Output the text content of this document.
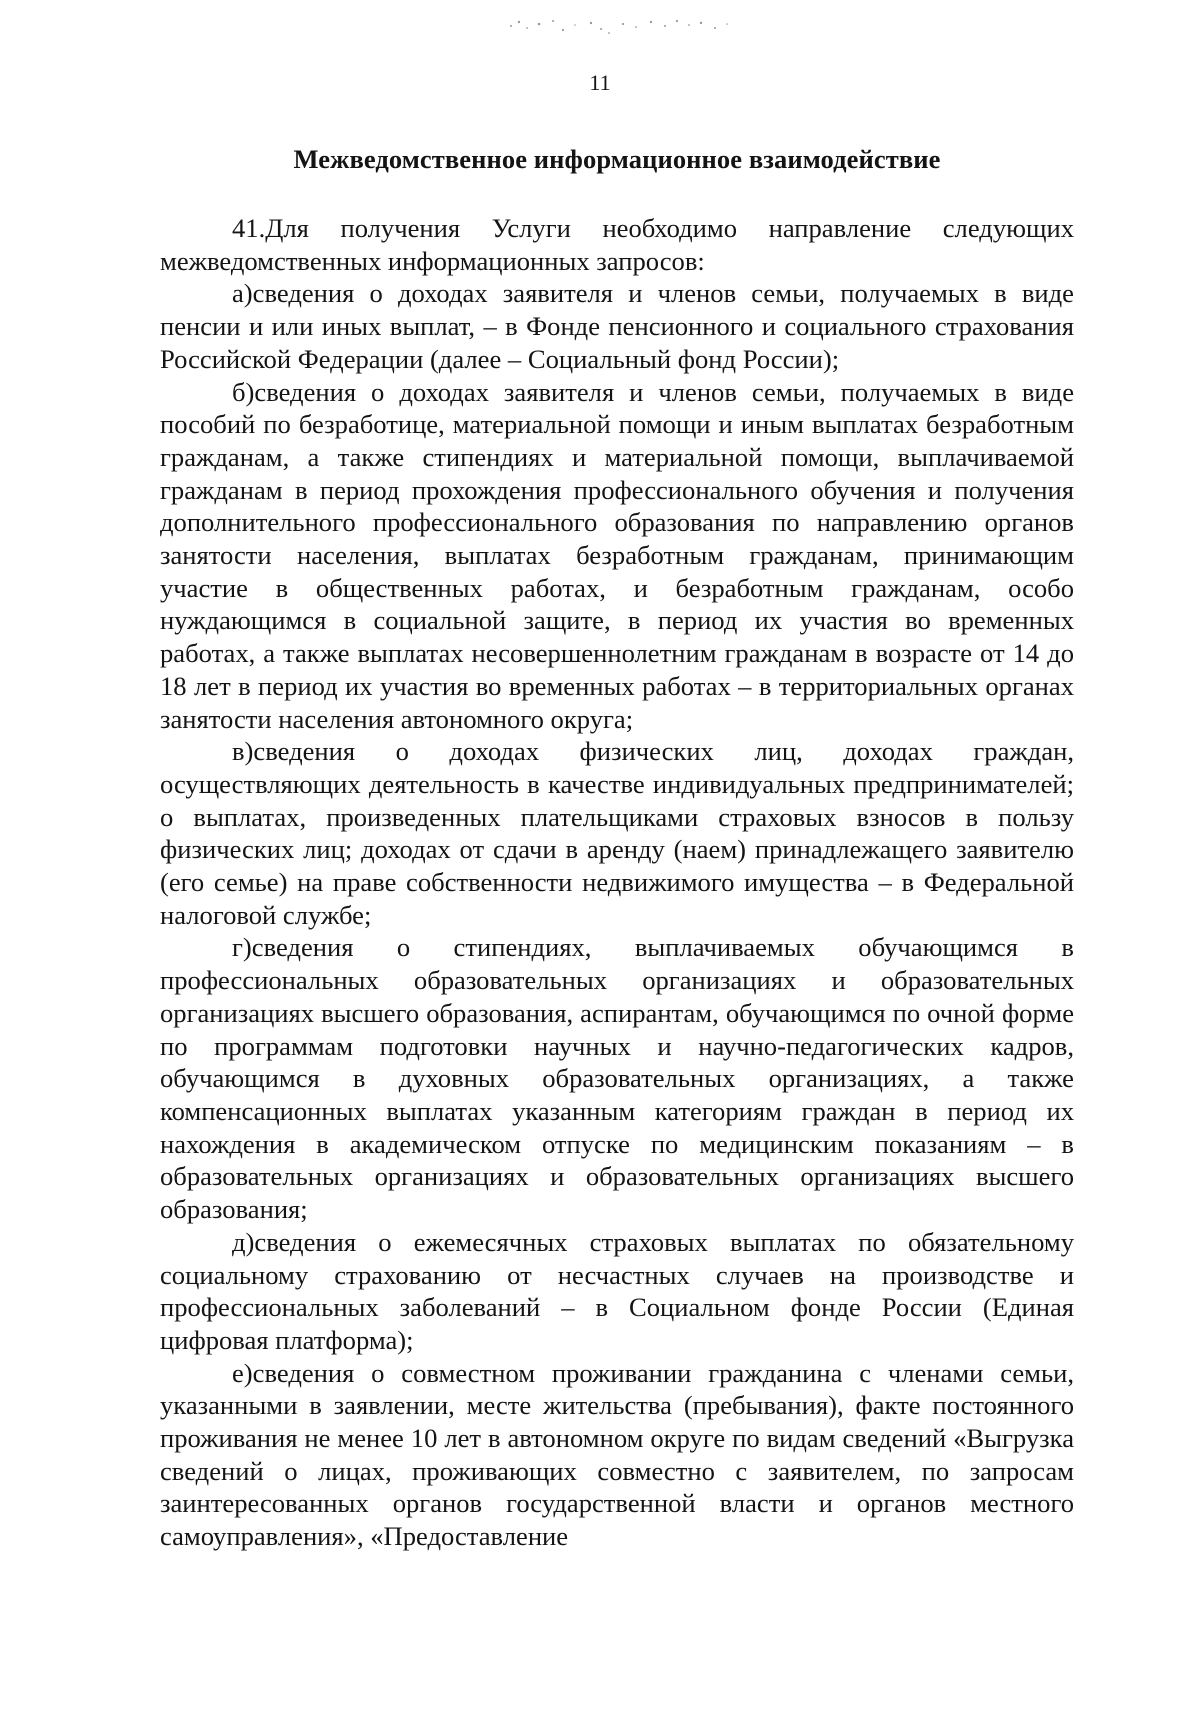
11
Межведомственное информационное взаимодействие

41.Для получения Услуги необходимо направление следующих межведомственных информационных запросов:

а)сведения о доходах заявителя и членов семьи, получаемых в виде пенсии и или иных выплат, – в Фонде пенсионного и социального страхования Российской Федерации (далее – Социальный фонд России);

б)сведения о доходах заявителя и членов семьи, получаемых в виде пособий по безработице, материальной помощи и иным выплатах безработным гражданам, а также стипендиях и материальной помощи, выплачиваемой гражданам в период прохождения профессионального обучения и получения дополнительного профессионального образования по направлению органов занятости населения, выплатах безработным гражданам, принимающим участие в общественных работах, и безработным гражданам, особо нуждающимся в социальной защите, в период их участия во временных работах, а также выплатах несовершеннолетним гражданам в возрасте от 14 до 18 лет в период их участия во временных работах – в территориальных органах занятости населения автономного округа;

в)сведения о доходах физических лиц, доходах граждан, осуществляющих деятельность в качестве индивидуальных предпринимателей; о выплатах, произведенных плательщиками страховых взносов в пользу физических лиц; доходах от сдачи в аренду (наем) принадлежащего заявителю (его семье) на праве собственности недвижимого имущества – в Федеральной налоговой службе;

г)сведения о стипендиях, выплачиваемых обучающимся в профессиональных образовательных организациях и образовательных организациях высшего образования, аспирантам, обучающимся по очной форме по программам подготовки научных и научно-педагогических кадров, обучающимся в духовных образовательных организациях, а также компенсационных выплатах указанным категориям граждан в период их нахождения в академическом отпуске по медицинским показаниям – в образовательных организациях и образовательных организациях высшего образования;

д)сведения о ежемесячных страховых выплатах по обязательному социальному страхованию от несчастных случаев на производстве и профессиональных заболеваний – в Социальном фонде России (Единая цифровая платформа);

е)сведения о совместном проживании гражданина с членами семьи, указанными в заявлении, месте жительства (пребывания), факте постоянного проживания не менее 10 лет в автономном округе по видам сведений «Выгрузка сведений о лицах, проживающих совместно с заявителем, по запросам заинтересованных органов государственной власти и органов местного самоуправления», «Предоставление
